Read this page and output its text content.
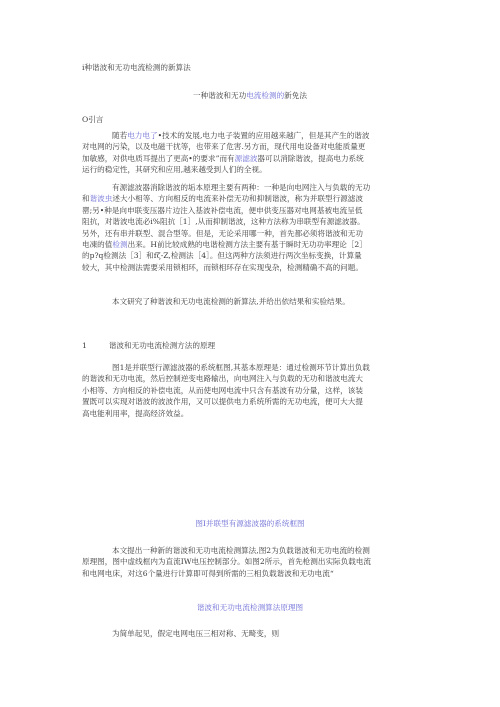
i种谐波和无功电流检测的新算法
一种谐波和无功电流检测的新免法
O引言
随若电力电了•技术的发展,电力电子装置的应用越来越广，但是其产生的谐波
对电网的污染，以及电磁干扰等，也带来了危害.另方而，现代用电设备对电能质量更
加敏感，对供电质耳提出了更高•的要求”而有源滤波器可以消除谐波，提高电力系统
运行的稳定性，其研究和应用,越来越受到人们的全视。
有源滤波器消除谐波的垢本原理主要有两种：一种是向电网注入与负载的无功
和谐波虫述大小相等、方向相反的电流来补偿无功和抑制谐波，称为并联型行源滤波
罂;另•种是向申联变压器片边注入基波补偿电流，便申供变压器对电网基被电流呈低
阻抗，对谐波电流必i%阻抗［1］,从而抑制谐波，这种方法称为串联型有源滤波器。
另外，还有串并联型、混合型等。但是，无论采用哪一种，首先都必须将谐波和无功
电凍的值检测出来。H前比较成熟的电谐检测方法主要有基于瞬时无功功率理论［2］
的p?q检测法［3］和fζ-Z,检测法［4］。但这两种方法须进行两次坐标变换，计算量
较大，其中检测法需要采用锁相环，而锁相环存在实现曳杂，检测精确不高的问题。
本文研究了种谐波和无功电流检测的新算法,并给出依结果和实验结果。
1	谐波和无功电流检测方法的原理
图1是并联型行源滤波器的系统框图,其基本原理是：通过检测环节计算出负载
的谐波和无功电流，然后控制逆变电路输出，向电网注入与负载的无功和谐波电流大
小相等、方向相反的补偿电流，从而使电网电流中只含有基波有功分量，这样，该装
置既可以实现对谐波的波波作用，又可以提供电力系统所需的无功电流，便可大大提
高电能利用率，提高经济效益。
图I并联型有源滤波器的系统框图
本文提出一种新的谐波和无功电流检测算法,图2为负载谐波和无功电流的检测
原理图，图中虚线框内为直流IW电压控制部分。如图2所示，首先枪测出实际负载电流
和电网电床，对这6个量进行计算即可得到所需的三相负载谐波和无功电流“
谐波和无功电流检测算法原理图
为简单起见，假定电网电压三相对称、无畸变，则
